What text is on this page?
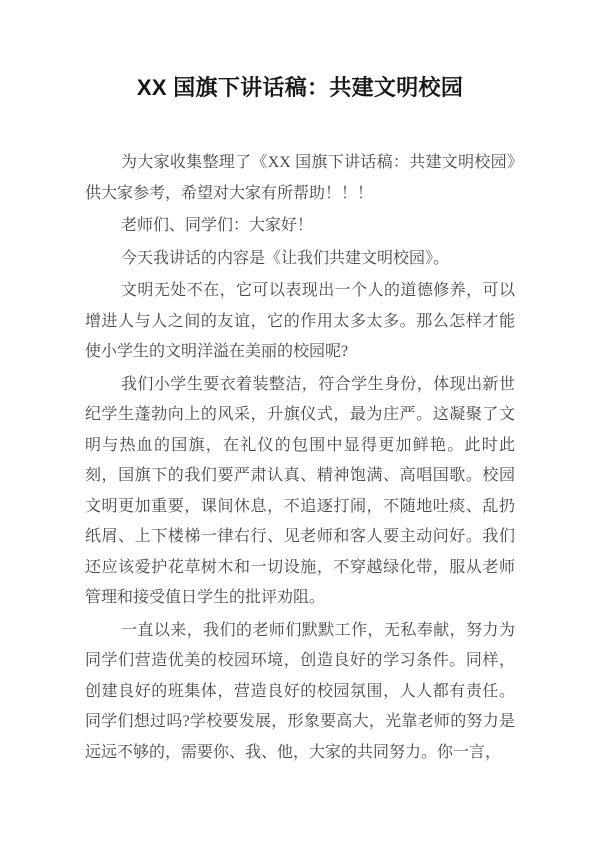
XX 国旗下讲话稿：共建文明校园

为大家收集整理了《XX 国旗下讲话稿：共建文明校园》供大家参考，希望对大家有所帮助！！！

老师们、同学们：大家好！

今天我讲话的内容是《让我们共建文明校园》。

文明无处不在，它可以表现出一个人的道德修养，可以增进人与人之间的友谊，它的作用太多太多。那么怎样才能使小学生的文明洋溢在美丽的校园呢?

我们小学生要衣着装整洁，符合学生身份，体现出新世纪学生蓬勃向上的风采，升旗仪式，最为庄严。这凝聚了文明与热血的国旗，在礼仪的包围中显得更加鲜艳。此时此刻，国旗下的我们要严肃认真、精神饱满、高唱国歌。校园文明更加重要，课间休息，不追逐打闹，不随地吐痰、乱扔纸屑、上下楼梯一律右行、见老师和客人要主动问好。我们还应该爱护花草树木和一切设施，不穿越绿化带，服从老师管理和接受值日学生的批评劝阻。

一直以来，我们的老师们默默工作，无私奉献，努力为同学们营造优美的校园环境，创造良好的学习条件。同样，创建良好的班集体，营造良好的校园氛围，人人都有责任。同学们想过吗?学校要发展，形象要高大，光靠老师的努力是远远不够的，需要你、我、他，大家的共同努力。你一言，
